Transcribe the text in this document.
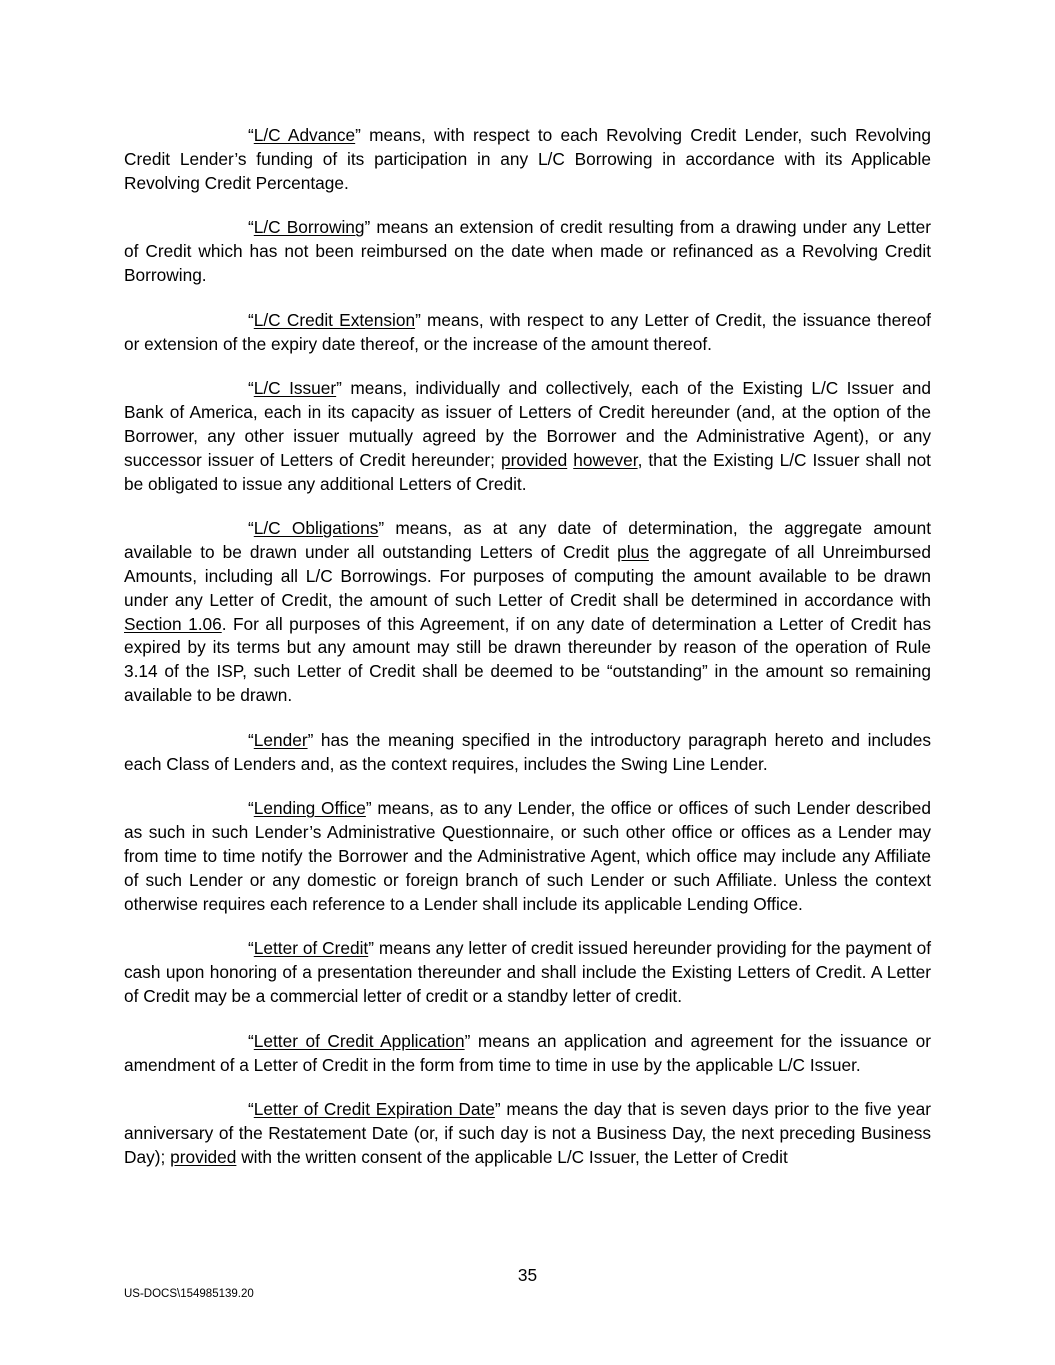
“L/C Advance” means, with respect to each Revolving Credit Lender, such Revolving Credit Lender’s funding of its participation in any L/C Borrowing in accordance with its Applicable Revolving Credit Percentage.

“L/C Borrowing” means an extension of credit resulting from a drawing under any Letter of Credit which has not been reimbursed on the date when made or refinanced as a Revolving Credit Borrowing.

“L/C Credit Extension” means, with respect to any Letter of Credit, the issuance thereof or extension of the expiry date thereof, or the increase of the amount thereof.

“L/C Issuer” means, individually and collectively, each of the Existing L/C Issuer and Bank of America, each in its capacity as issuer of Letters of Credit hereunder (and, at the option of the Borrower, any other issuer mutually agreed by the Borrower and the Administrative Agent), or any successor issuer of Letters of Credit hereunder; provided however, that the Existing L/C Issuer shall not be obligated to issue any additional Letters of Credit.

“L/C Obligations” means, as at any date of determination, the aggregate amount available to be drawn under all outstanding Letters of Credit plus the aggregate of all Unreimbursed Amounts, including all L/C Borrowings. For purposes of computing the amount available to be drawn under any Letter of Credit, the amount of such Letter of Credit shall be determined in accordance with Section 1.06. For all purposes of this Agreement, if on any date of determination a Letter of Credit has expired by its terms but any amount may still be drawn thereunder by reason of the operation of Rule 3.14 of the ISP, such Letter of Credit shall be deemed to be “outstanding” in the amount so remaining available to be drawn.

“Lender” has the meaning specified in the introductory paragraph hereto and includes each Class of Lenders and, as the context requires, includes the Swing Line Lender.

“Lending Office” means, as to any Lender, the office or offices of such Lender described as such in such Lender’s Administrative Questionnaire, or such other office or offices as a Lender may from time to time notify the Borrower and the Administrative Agent, which office may include any Affiliate of such Lender or any domestic or foreign branch of such Lender or such Affiliate. Unless the context otherwise requires each reference to a Lender shall include its applicable Lending Office.

“Letter of Credit” means any letter of credit issued hereunder providing for the payment of cash upon honoring of a presentation thereunder and shall include the Existing Letters of Credit. A Letter of Credit may be a commercial letter of credit or a standby letter of credit.

“Letter of Credit Application” means an application and agreement for the issuance or amendment of a Letter of Credit in the form from time to time in use by the applicable L/C Issuer.

“Letter of Credit Expiration Date” means the day that is seven days prior to the five year anniversary of the Restatement Date (or, if such day is not a Business Day, the next preceding Business Day); provided with the written consent of the applicable L/C Issuer, the Letter of Credit

35
US-DOCS\154985139.20
